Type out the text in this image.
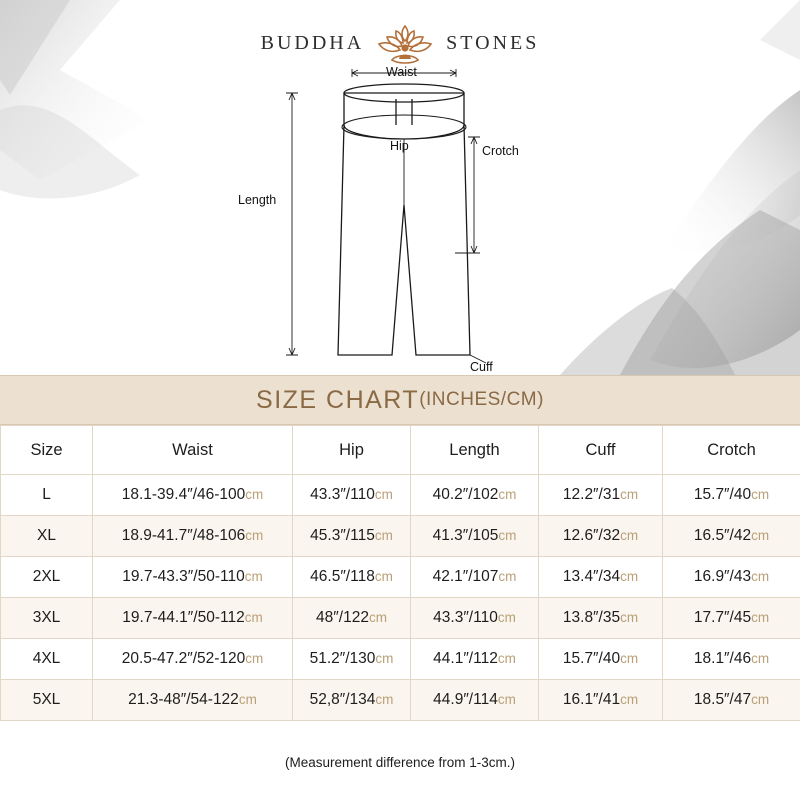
BUDDHA	STONES
Waist
Hip	Crotch
Length
Cuff
SIZE CHART (INCHES/CM)
Size	Waist	Hip	Length	Cuff	Crotch
L	18.1-39.4″/46-100cm	43.3″/110cm	40.2″/102cm	12.2″/31cm	15.7″/40cm
XL	18.9-41.7″/48-106cm	45.3″/115cm	41.3″/105cm	12.6″/32cm	16.5″/42cm
2XL	19.7-43.3″/50-110cm	46.5″/118cm	42.1″/107cm	13.4″/34cm	16.9″/43cm
3XL	19.7-44.1″/50-112cm	48″/122cm	43.3″/110cm	13.8″/35cm	17.7″/45cm
4XL	20.5-47.2″/52-120cm	51.2″/130cm	44.1″/112cm	15.7″/40cm	18.1″/46cm
5XL	21.3-48″/54-122cm	52,8″/134cm	44.9″/114cm	16.1″/41cm	18.5″/47cm
(Measurement difference from 1-3cm.)
